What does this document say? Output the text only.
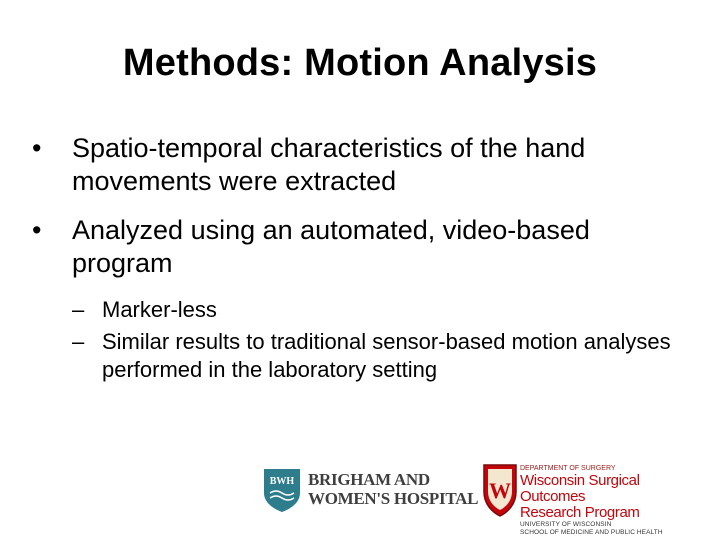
Methods: Motion Analysis
• Spatio-temporal characteristics of the hand movements were extracted
• Analyzed using an automated, video-based program
– Marker-less
– Similar results to traditional sensor-based motion analyses performed in the laboratory setting
BWH BRIGHAM AND
WOMEN'S HOSPITAL W
DEPARTMENT OF SURGERY
Wisconsin Surgical Outcomes
Research Program
UNIVERSITY OF WISCONSIN
SCHOOL OF MEDICINE AND PUBLIC HEALTH
